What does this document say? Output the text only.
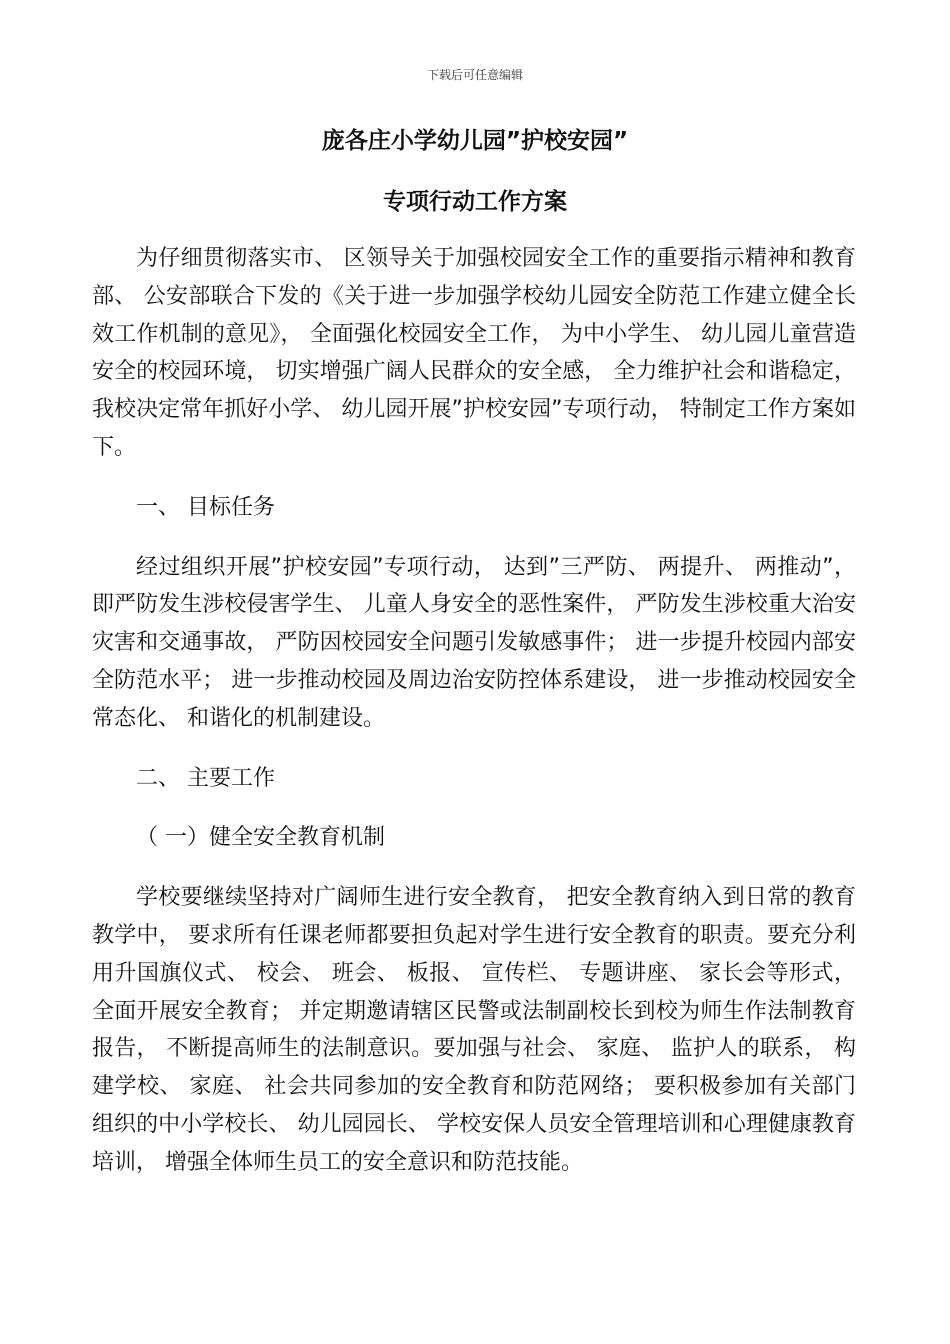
下载后可任意编辑
庞各庄小学幼儿园”护校安园”
专项行动工作方案

为仔细贯彻落实市、 区领导关于加强校园安全工作的重要指示精神和教育部、 公安部联合下发的《关于进一步加强学校幼儿园安全防范工作建立健全长效工作机制的意见》， 全面强化校园安全工作， 为中小学生、 幼儿园儿童营造安全的校园环境， 切实增强广阔人民群众的安全感， 全力维护社会和谐稳定， 我校决定常年抓好小学、 幼儿园开展”护校安园”专项行动， 特制定工作方案如下。

一、 目标任务

经过组织开展”护校安园”专项行动， 达到”三严防、 两提升、 两推动”， 即严防发生涉校侵害学生、 儿童人身安全的恶性案件， 严防发生涉校重大治安灾害和交通事故， 严防因校园安全问题引发敏感事件； 进一步提升校园内部安全防范水平； 进一步推动校园及周边治安防控体系建设， 进一步推动校园安全常态化、 和谐化的机制建设。

二、 主要工作

（ 一）健全安全教育机制

学校要继续坚持对广阔师生进行安全教育， 把安全教育纳入到日常的教育教学中， 要求所有任课老师都要担负起对学生进行安全教育的职责。要充分利用升国旗仪式、 校会、 班会、 板报、 宣传栏、 专题讲座、 家长会等形式， 全面开展安全教育； 并定期邀请辖区民警或法制副校长到校为师生作法制教育报告， 不断提高师生的法制意识。要加强与社会、 家庭、 监护人的联系， 构建学校、 家庭、 社会共同参加的安全教育和防范网络； 要积极参加有关部门组织的中小学校长、 幼儿园园长、 学校安保人员安全管理培训和心理健康教育培训， 增强全体师生员工的安全意识和防范技能。
